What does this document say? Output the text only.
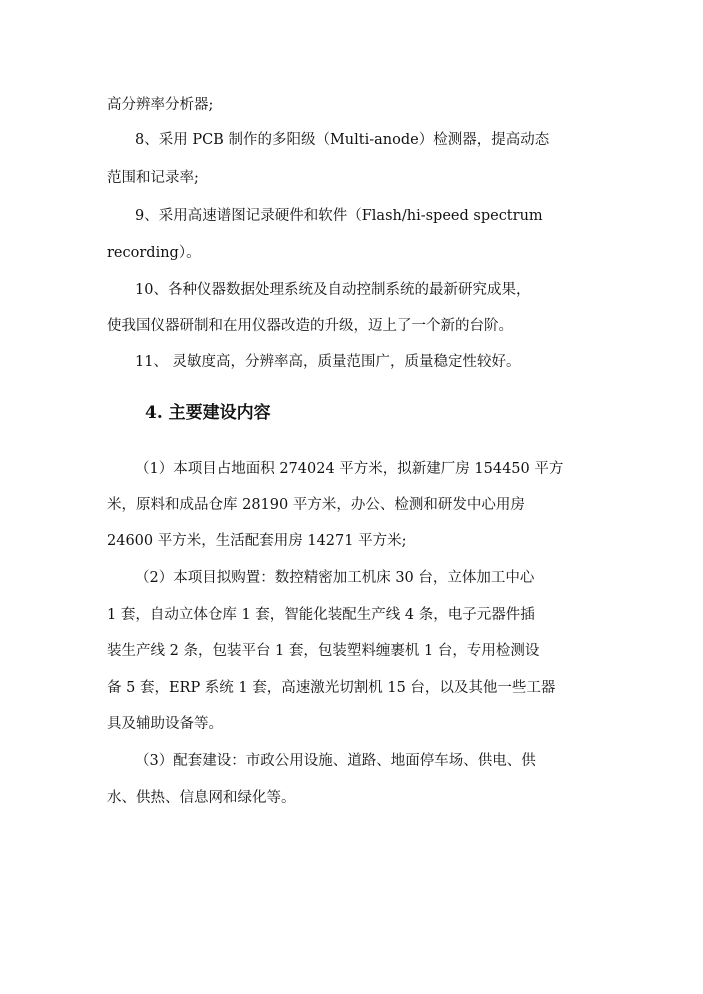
高分辨率分析器;
8、采用 PCB 制作的多阳级（Multi-anode）检测器，提高动态
范围和记录率;
9、采用高速谱图记录硬件和软件（Flash/hi-speed spectrum
recording）。
10、各种仪器数据处理系统及自动控制系统的最新研究成果，
使我国仪器研制和在用仪器改造的升级，迈上了一个新的台阶。
11、 灵敏度高，分辨率高，质量范围广，质量稳定性较好。
4. 主要建设内容
（1）本项目占地面积 274024 平方米，拟新建厂房 154450 平方
米，原料和成品仓库 28190 平方米，办公、检测和研发中心用房
24600 平方米，生活配套用房 14271 平方米;
（2）本项目拟购置：数控精密加工机床 30 台，立体加工中心
1 套，自动立体仓库 1 套，智能化装配生产线 4 条，电子元器件插
装生产线 2 条，包装平台 1 套，包装塑料缠裹机 1 台，专用检测设
备 5 套，ERP 系统 1 套，高速激光切割机 15 台，以及其他一些工器
具及辅助设备等。
（3）配套建设：市政公用设施、道路、地面停车场、供电、供
水、供热、信息网和绿化等。
